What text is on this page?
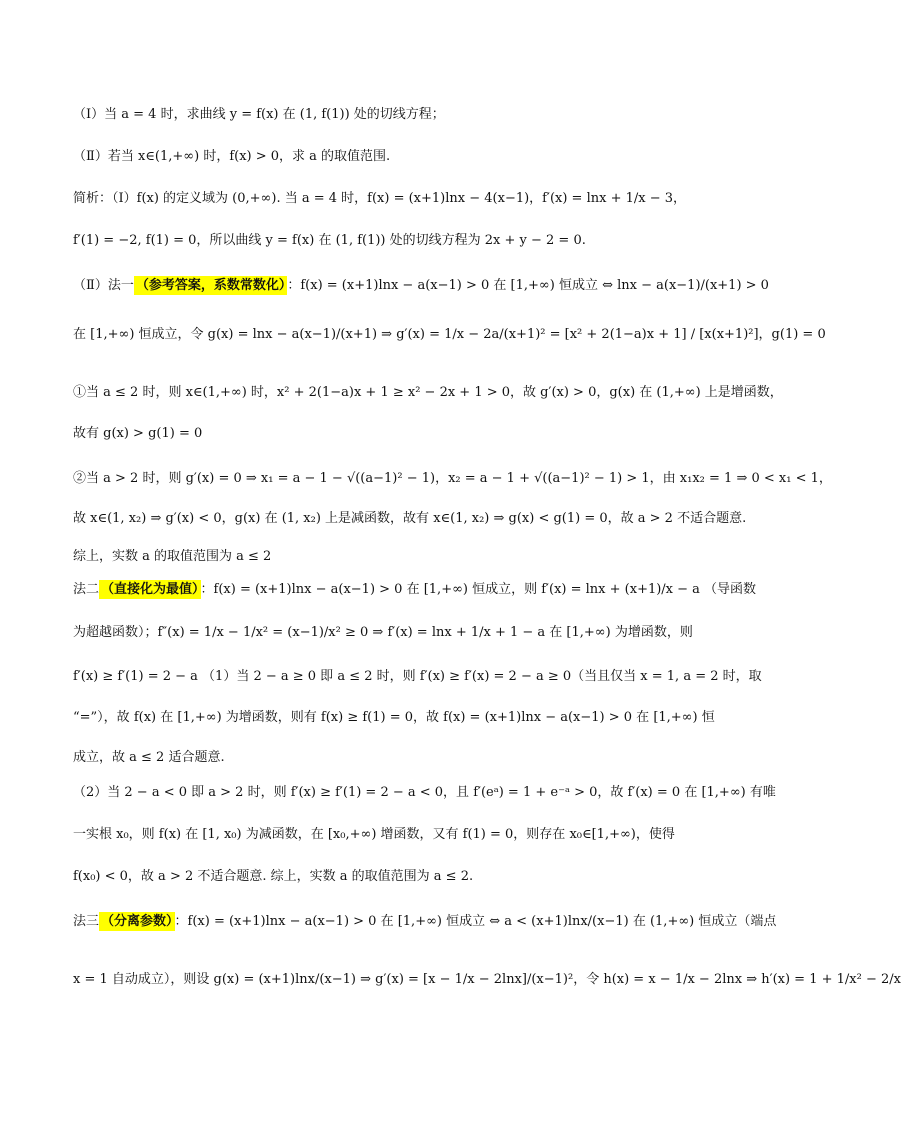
（Ⅰ）当 a = 4 时，求曲线 y = f(x) 在 (1, f(1)) 处的切线方程；
（Ⅱ）若当 x∈(1,+∞) 时，f(x) > 0，求 a 的取值范围.
简析：（Ⅰ）f(x) 的定义域为 (0,+∞). 当 a = 4 时，f(x) = (x+1)lnx − 4(x−1)，f′(x) = lnx + 1/x − 3，
f′(1) = −2, f(1) = 0，所以曲线 y = f(x) 在 (1, f(1)) 处的切线方程为 2x + y − 2 = 0.
（Ⅱ）法一 （参考答案，系数常数化） ：f(x) = (x+1)lnx − a(x−1) > 0 在 [1,+∞) 恒成立 ⇔ lnx − a(x−1)/(x+1) > 0
在 [1,+∞) 恒成立，令 g(x) = lnx − a(x−1)/(x+1) ⇒ g′(x) = 1/x − 2a/(x+1)² = [x² + 2(1−a)x + 1] / [x(x+1)²]，g(1) = 0
①当 a ≤ 2 时，则 x∈(1,+∞) 时，x² + 2(1−a)x + 1 ≥ x² − 2x + 1 > 0，故 g′(x) > 0，g(x) 在 (1,+∞) 上是增函数，
故有 g(x) > g(1) = 0
②当 a > 2 时，则 g′(x) = 0 ⇒ x₁ = a − 1 − √((a−1)² − 1)，x₂ = a − 1 + √((a−1)² − 1) > 1，由 x₁x₂ = 1 ⇒ 0 < x₁ < 1，
故 x∈(1, x₂) ⇒ g′(x) < 0，g(x) 在 (1, x₂) 上是减函数，故有 x∈(1, x₂) ⇒ g(x) < g(1) = 0，故 a > 2 不适合题意.
综上，实数 a 的取值范围为 a ≤ 2
法二 （直接化为最值） ：f(x) = (x+1)lnx − a(x−1) > 0 在 [1,+∞) 恒成立，则 f′(x) = lnx + (x+1)/x − a （导函数
为超越函数）；f″(x) = 1/x − 1/x² = (x−1)/x² ≥ 0 ⇒ f′(x) = lnx + 1/x + 1 − a 在 [1,+∞) 为增函数，则
f′(x) ≥ f′(1) = 2 − a （1）当 2 − a ≥ 0 即 a ≤ 2 时，则 f′(x) ≥ f′(x) = 2 − a ≥ 0（当且仅当 x = 1, a = 2 时，取
“=”），故 f(x) 在 [1,+∞) 为增函数，则有 f(x) ≥ f(1) = 0，故 f(x) = (x+1)lnx − a(x−1) > 0 在 [1,+∞) 恒
成立，故 a ≤ 2 适合题意.
（2）当 2 − a < 0 即 a > 2 时，则 f′(x) ≥ f′(1) = 2 − a < 0，且 f′(eᵃ) = 1 + e⁻ᵃ > 0，故 f′(x) = 0 在 [1,+∞) 有唯
一实根 x₀，则 f(x) 在 [1, x₀) 为减函数，在 [x₀,+∞) 增函数，又有 f(1) = 0，则存在 x₀∈[1,+∞)，使得
f(x₀) < 0，故 a > 2 不适合题意. 综上，实数 a 的取值范围为 a ≤ 2.
法三 （分离参数） ：f(x) = (x+1)lnx − a(x−1) > 0 在 [1,+∞) 恒成立 ⇔ a < (x+1)lnx/(x−1) 在 (1,+∞) 恒成立（端点
x = 1 自动成立），则设 g(x) = (x+1)lnx/(x−1) ⇒ g′(x) = [x − 1/x − 2lnx]/(x−1)²，令 h(x) = x − 1/x − 2lnx ⇒ h′(x) = 1 + 1/x² − 2/x
